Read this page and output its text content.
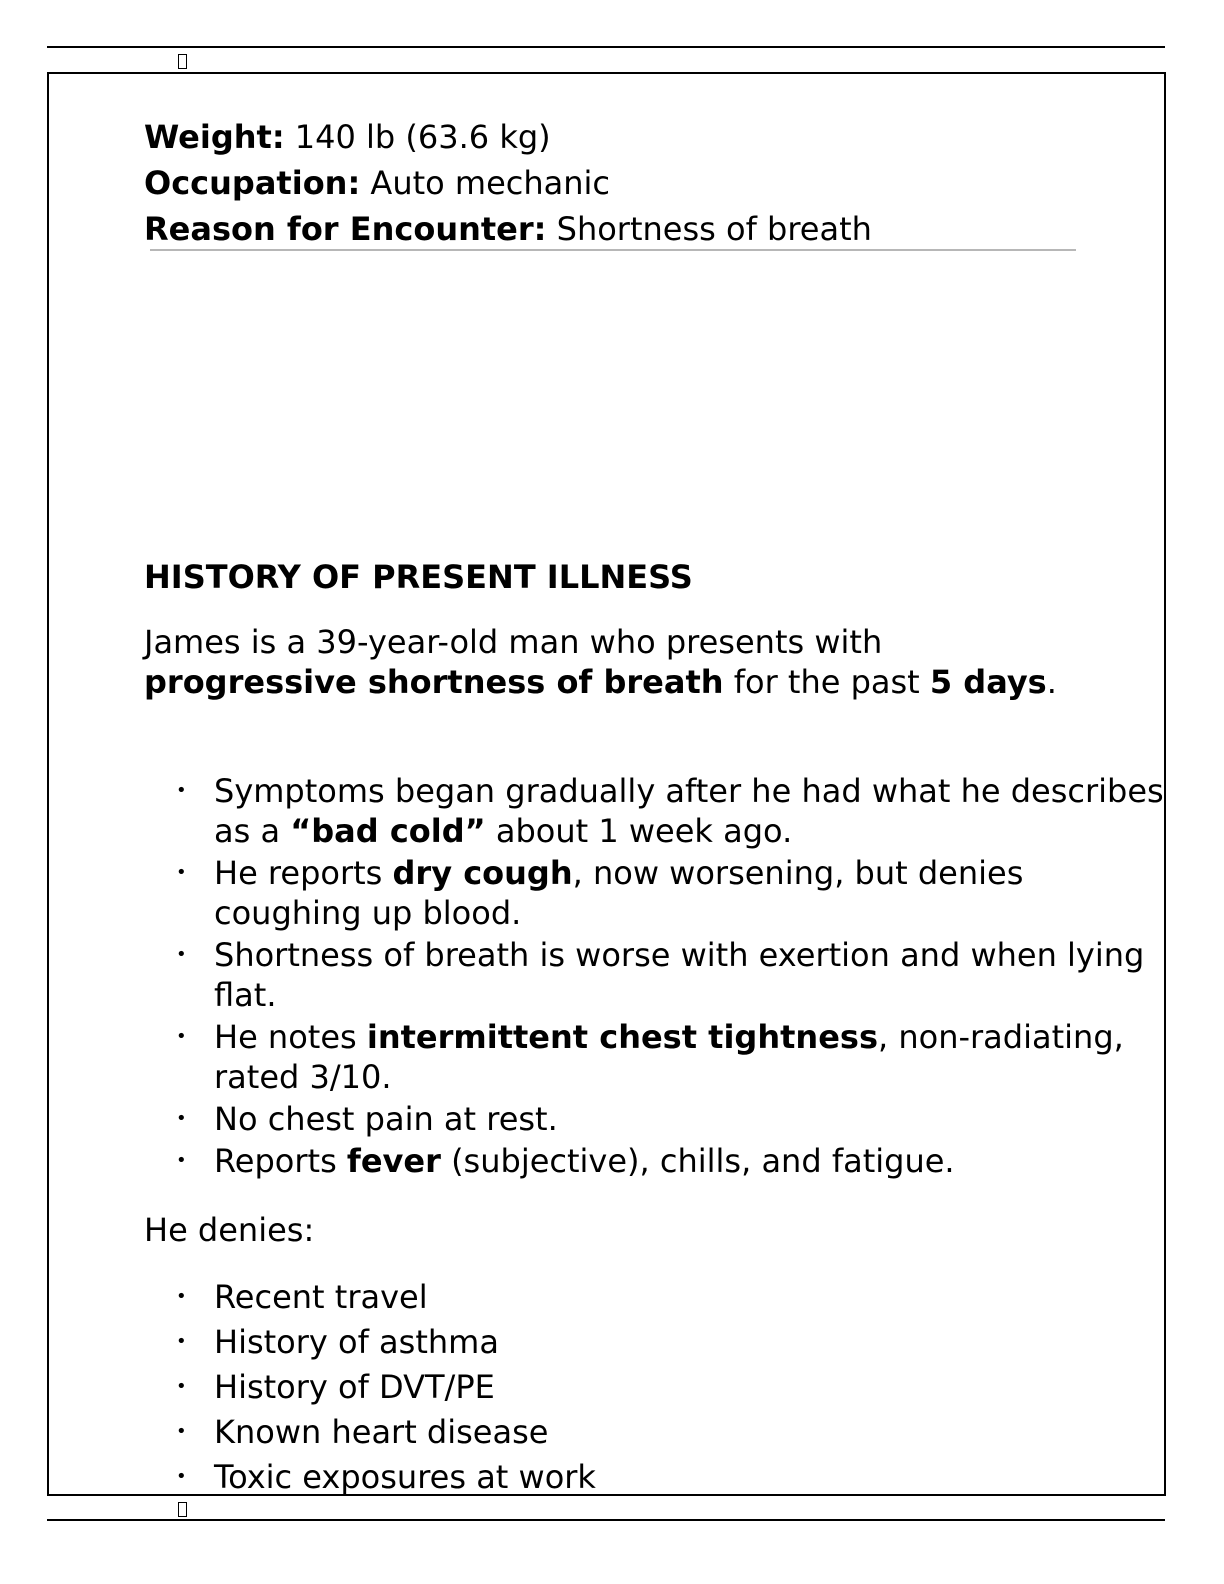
Weight: 140 lb (63.6 kg)
Occupation: Auto mechanic
Reason for Encounter: Shortness of breath
HISTORY OF PRESENT ILLNESS
James is a 39-year-old man who presents with progressive shortness of breath for the past 5 days.
• Symptoms began gradually after he had what he describes as a “bad cold” about 1 week ago.
• He reports dry cough, now worsening, but denies coughing up blood.
• Shortness of breath is worse with exertion and when lying flat.
• He notes intermittent chest tightness, non-radiating, rated 3/10.
• No chest pain at rest.
• Reports fever (subjective), chills, and fatigue.
He denies:
• Recent travel
• History of asthma
• History of DVT/PE
• Known heart disease
• Toxic exposures at work
